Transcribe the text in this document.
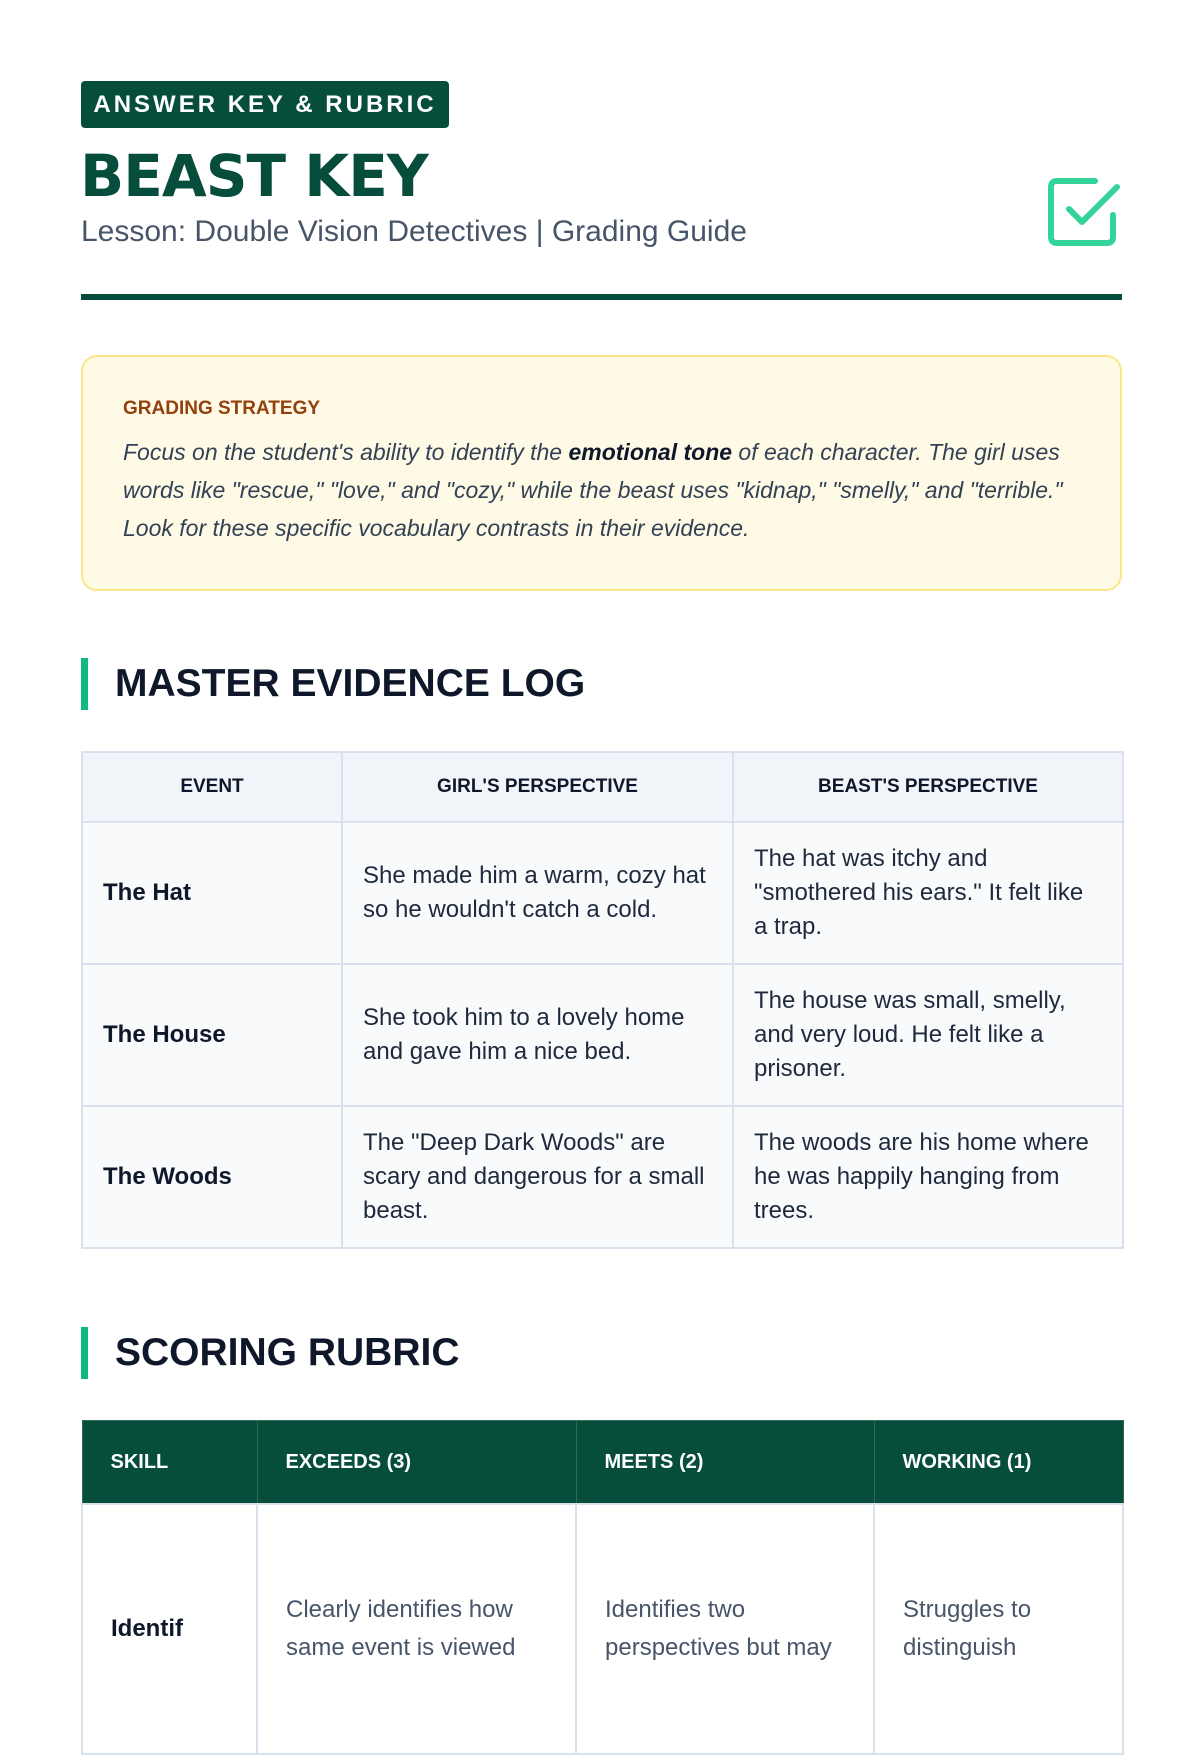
ANSWER KEY & RUBRIC
BEAST KEY
Lesson: Double Vision Detectives | Grading Guide
GRADING STRATEGY
Focus on the student's ability to identify the emotional tone of each character. The girl uses words like "rescue," "love," and "cozy," while the beast uses "kidnap," "smelly," and "terrible." Look for these specific vocabulary contrasts in their evidence.
MASTER EVIDENCE LOG
EVENT	GIRL'S PERSPECTIVE	BEAST'S PERSPECTIVE
The Hat	She made him a warm, cozy hat so he wouldn't catch a cold.	The hat was itchy and "smothered his ears." It felt like a trap.
The House	She took him to a lovely home and gave him a nice bed.	The house was small, smelly, and very loud. He felt like a prisoner.
The Woods	The "Deep Dark Woods" are scary and dangerous for a small beast.	The woods are his home where he was happily hanging from trees.
SCORING RUBRIC
SKILL	EXCEEDS (3)	MEETS (2)	WORKING (1)
Identif	Clearly identifies how same event is viewed	Identifies two perspectives but may	Struggles to distinguish
